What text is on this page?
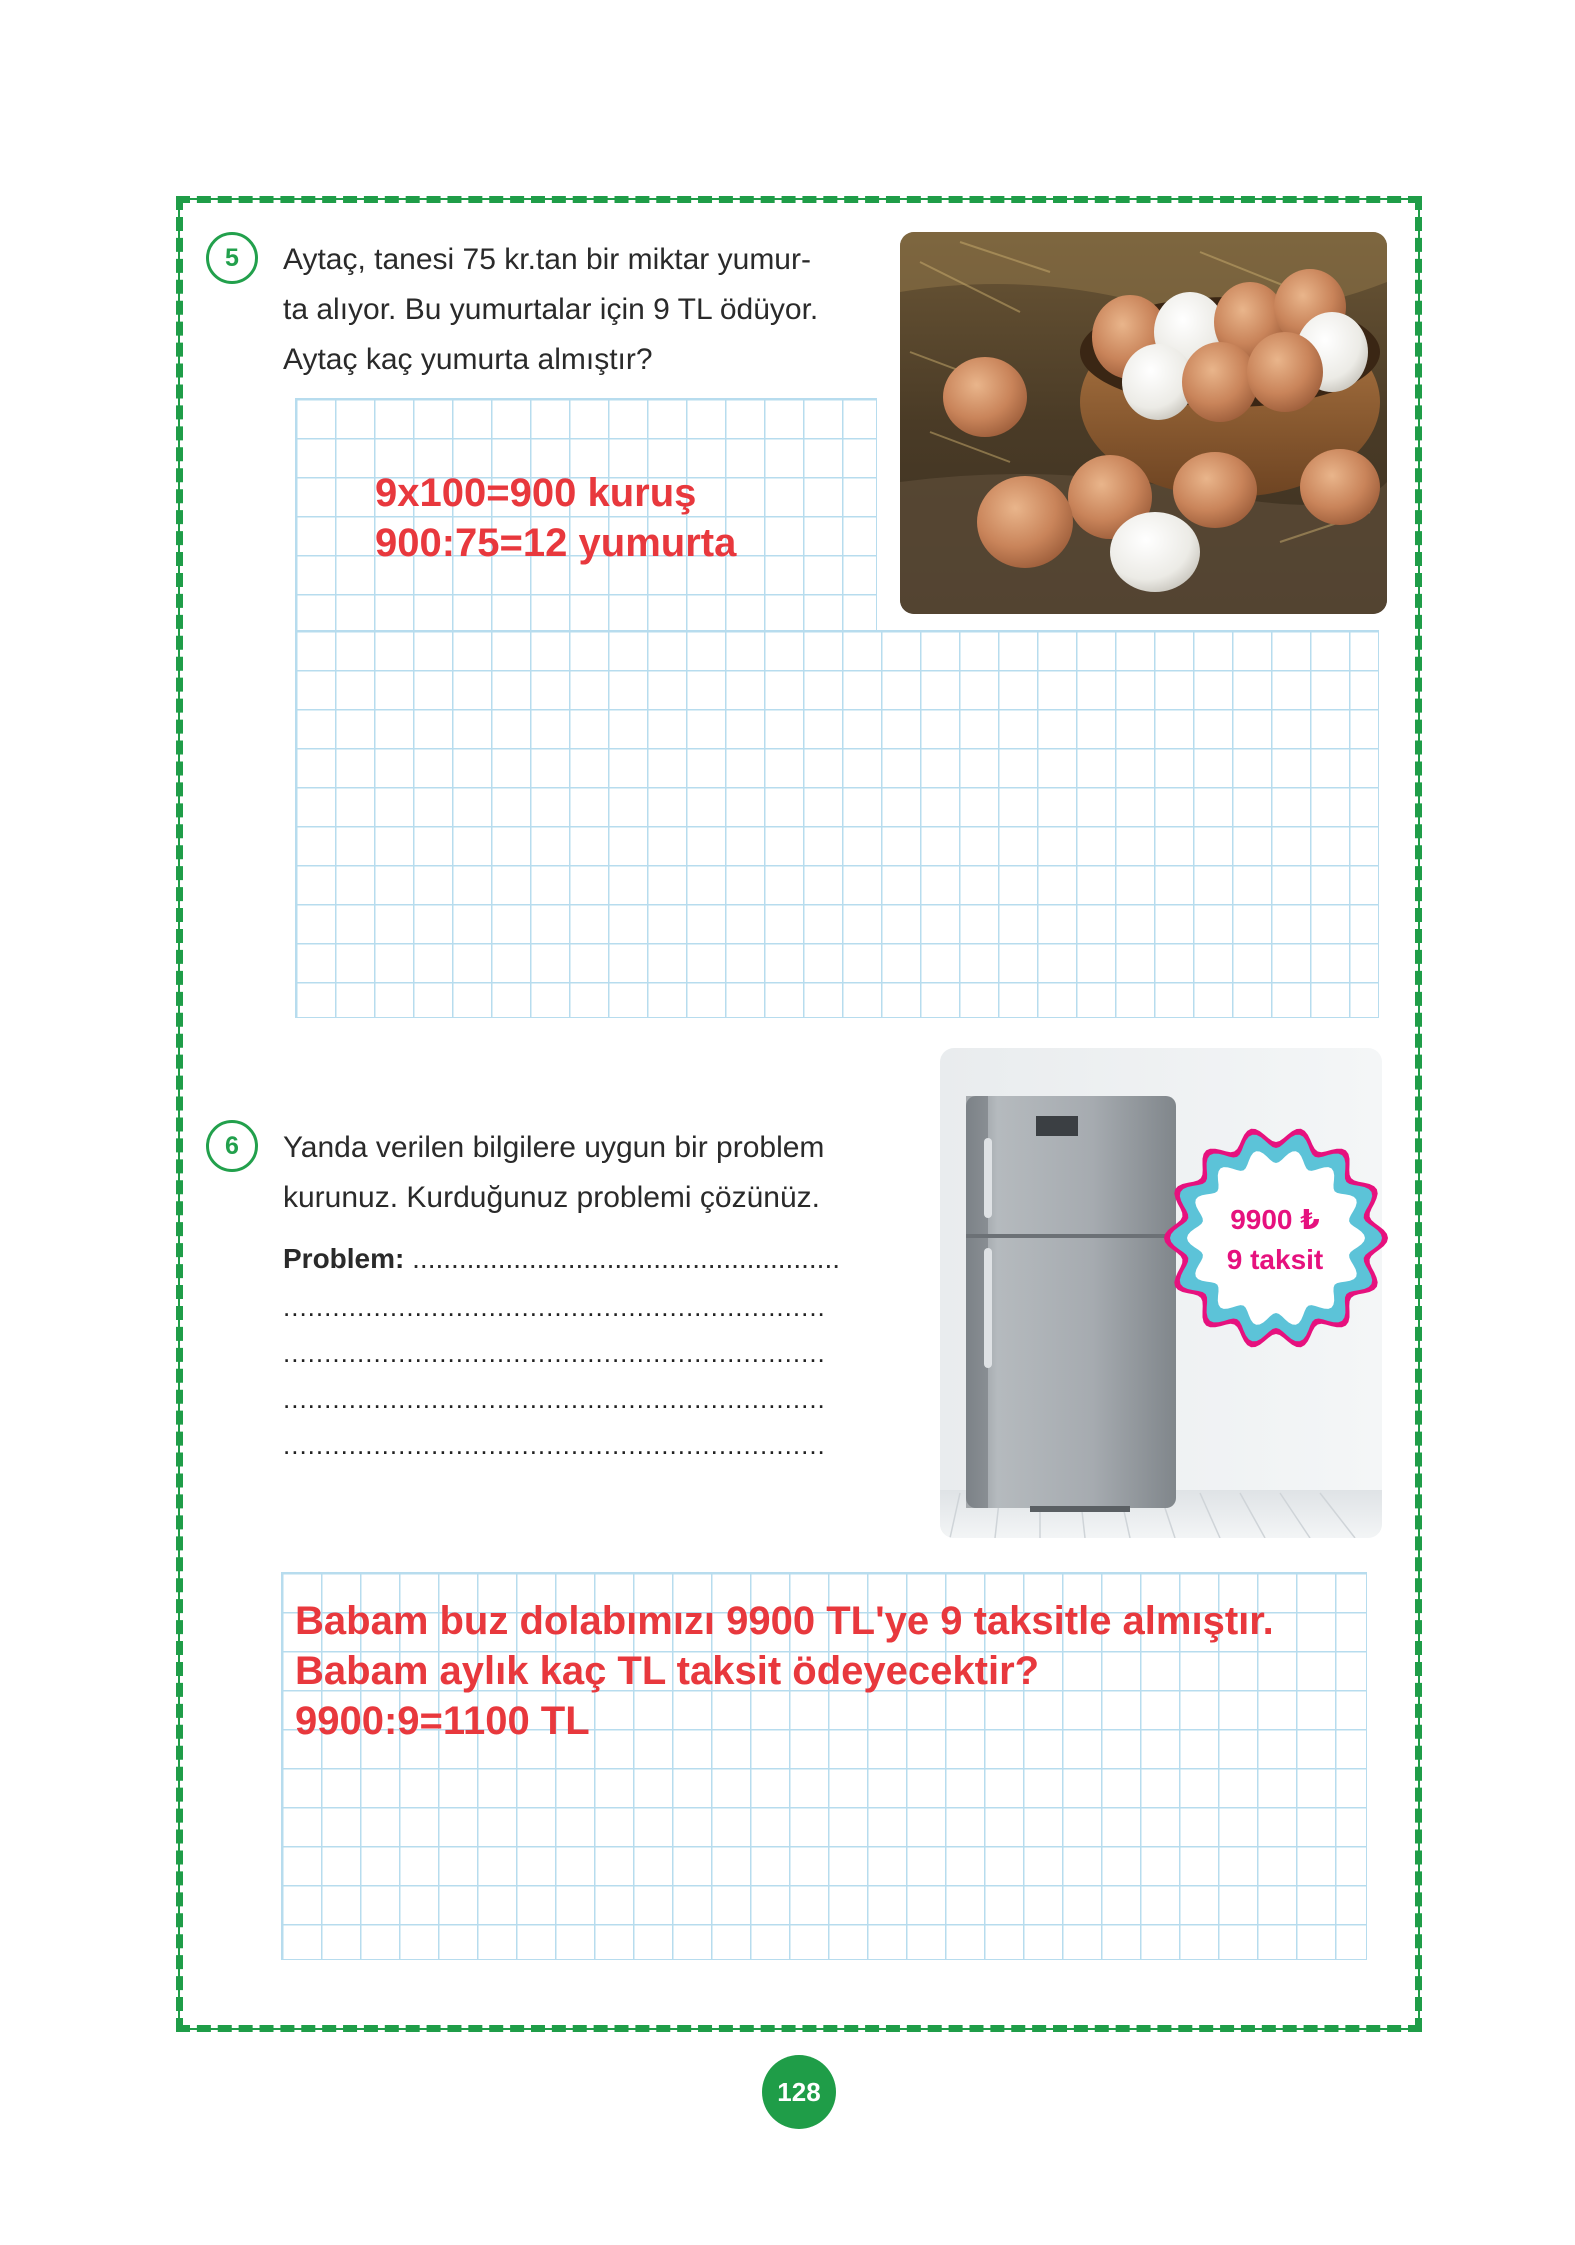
5	Aytaç, tanesi 75 kr.tan bir miktar yumur-
ta alıyor. Bu yumurtalar için 9 TL ödüyor.
Aytaç kaç yumurta almıştır?
9x100=900 kuruş
900:75=12 yumurta
6	Yanda verilen bilgilere uygun bir problem
kurunuz. Kurduğunuz problemi çözünüz.
Problem: .......................................................
..................................................................
..................................................................
..................................................................
..................................................................
9900 ₺
9 taksit
Babam buz dolabımızı 9900 TL'ye 9 taksitle almıştır.
Babam aylık kaç TL taksit ödeyecektir?
9900:9=1100 TL
128
